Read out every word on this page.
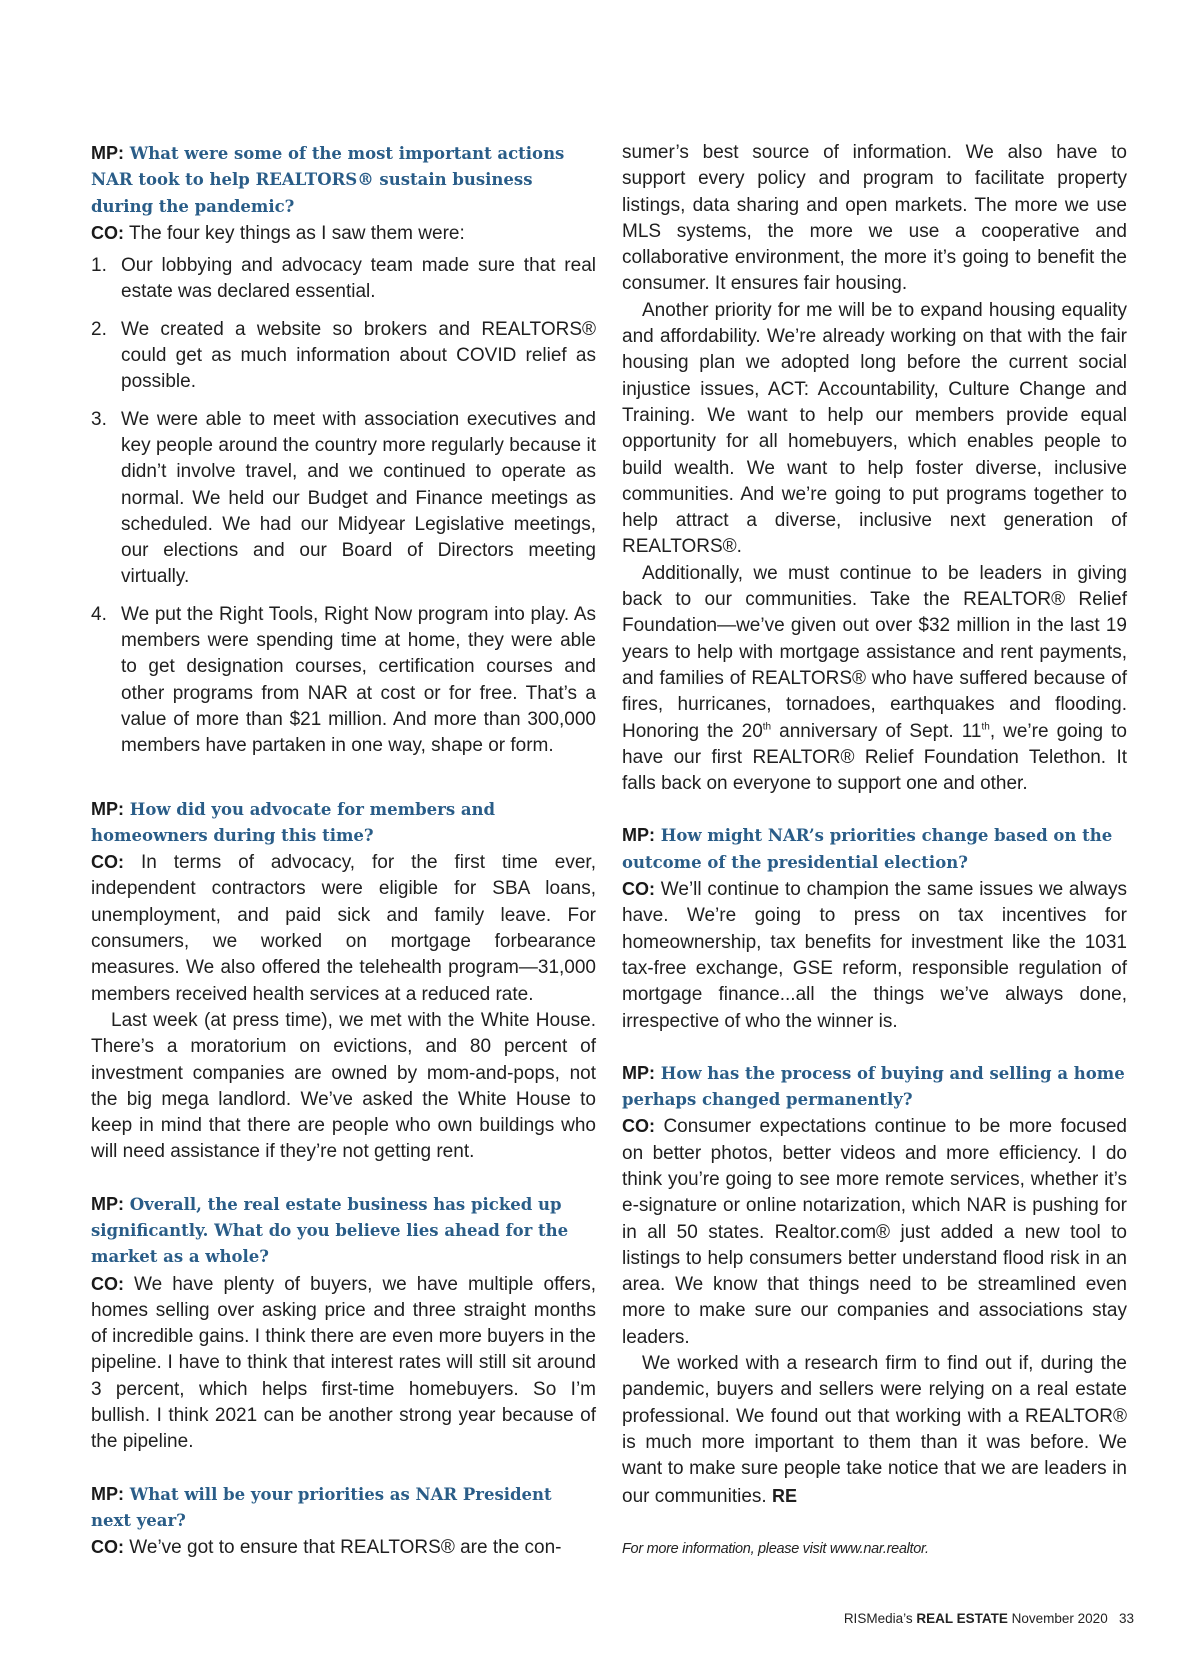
MP: What were some of the most important actions NAR took to help REALTORS® sustain business during the pandemic?

CO: The four key things as I saw them were:

1. Our lobbying and advocacy team made sure that real estate was declared essential.
2. We created a website so brokers and REALTORS® could get as much information about COVID relief as possible.
3. We were able to meet with association executives and key people around the country more regularly because it didn’t involve travel, and we continued to operate as normal. We held our Budget and Finance meetings as scheduled. We had our Midyear Legislative meetings, our elections and our Board of Directors meeting virtually.
4. We put the Right Tools, Right Now program into play. As members were spending time at home, they were able to get designation courses, certification courses and other programs from NAR at cost or for free. That’s a value of more than $21 million. And more than 300,000 members have partaken in one way, shape or form.
MP: How did you advocate for members and homeowners during this time?

CO: In terms of advocacy, for the first time ever, independent contractors were eligible for SBA loans, unemployment, and paid sick and family leave. For consumers, we worked on mortgage forbearance measures. We also offered the telehealth program—31,000 members received health services at a reduced rate.

Last week (at press time), we met with the White House. There’s a moratorium on evictions, and 80 percent of investment companies are owned by mom-and-pops, not the big mega landlord. We’ve asked the White House to keep in mind that there are people who own buildings who will need assistance if they’re not getting rent.

MP: Overall, the real estate business has picked up significantly. What do you believe lies ahead for the market as a whole?

CO: We have plenty of buyers, we have multiple offers, homes selling over asking price and three straight months of incredible gains. I think there are even more buyers in the pipeline. I have to think that interest rates will still sit around 3 percent, which helps first-time homebuyers. So I’m bullish. I think 2021 can be another strong year because of the pipeline.

MP: What will be your priorities as NAR President next year?

CO: We’ve got to ensure that REALTORS® are the con-

sumer’s best source of information. We also have to support every policy and program to facilitate property listings, data sharing and open markets. The more we use MLS systems, the more we use a cooperative and collaborative environment, the more it’s going to benefit the consumer. It ensures fair housing.

Another priority for me will be to expand housing equality and affordability. We’re already working on that with the fair housing plan we adopted long before the current social injustice issues, ACT: Accountability, Culture Change and Training. We want to help our members provide equal opportunity for all homebuyers, which enables people to build wealth. We want to help foster diverse, inclusive communities. And we’re going to put programs together to help attract a diverse, inclusive next generation of REALTORS®.

Additionally, we must continue to be leaders in giving back to our communities. Take the REALTOR® Relief Foundation—we’ve given out over $32 million in the last 19 years to help with mortgage assistance and rent payments, and families of REALTORS® who have suffered because of fires, hurricanes, tornadoes, earthquakes and flooding. Honoring the 20th anniversary of Sept. 11th, we’re going to have our first REALTOR® Relief Foundation Telethon. It falls back on everyone to support one and other.

MP: How might NAR’s priorities change based on the outcome of the presidential election?

CO: We’ll continue to champion the same issues we always have. We’re going to press on tax incentives for homeownership, tax benefits for investment like the 1031 tax-free exchange, GSE reform, responsible regulation of mortgage finance...all the things we’ve always done, irrespective of who the winner is.

MP: How has the process of buying and selling a home perhaps changed permanently?

CO: Consumer expectations continue to be more focused on better photos, better videos and more efficiency. I do think you’re going to see more remote services, whether it’s e-signature or online notarization, which NAR is pushing for in all 50 states. Realtor.com® just added a new tool to listings to help consumers better understand flood risk in an area. We know that things need to be streamlined even more to make sure our companies and associations stay leaders.

We worked with a research firm to find out if, during the pandemic, buyers and sellers were relying on a real estate professional. We found out that working with a REALTOR® is much more important to them than it was before. We want to make sure people take notice that we are leaders in our communities. RE

For more information, please visit www.nar.realtor.

RISMedia’s REAL ESTATE November 2020 33
